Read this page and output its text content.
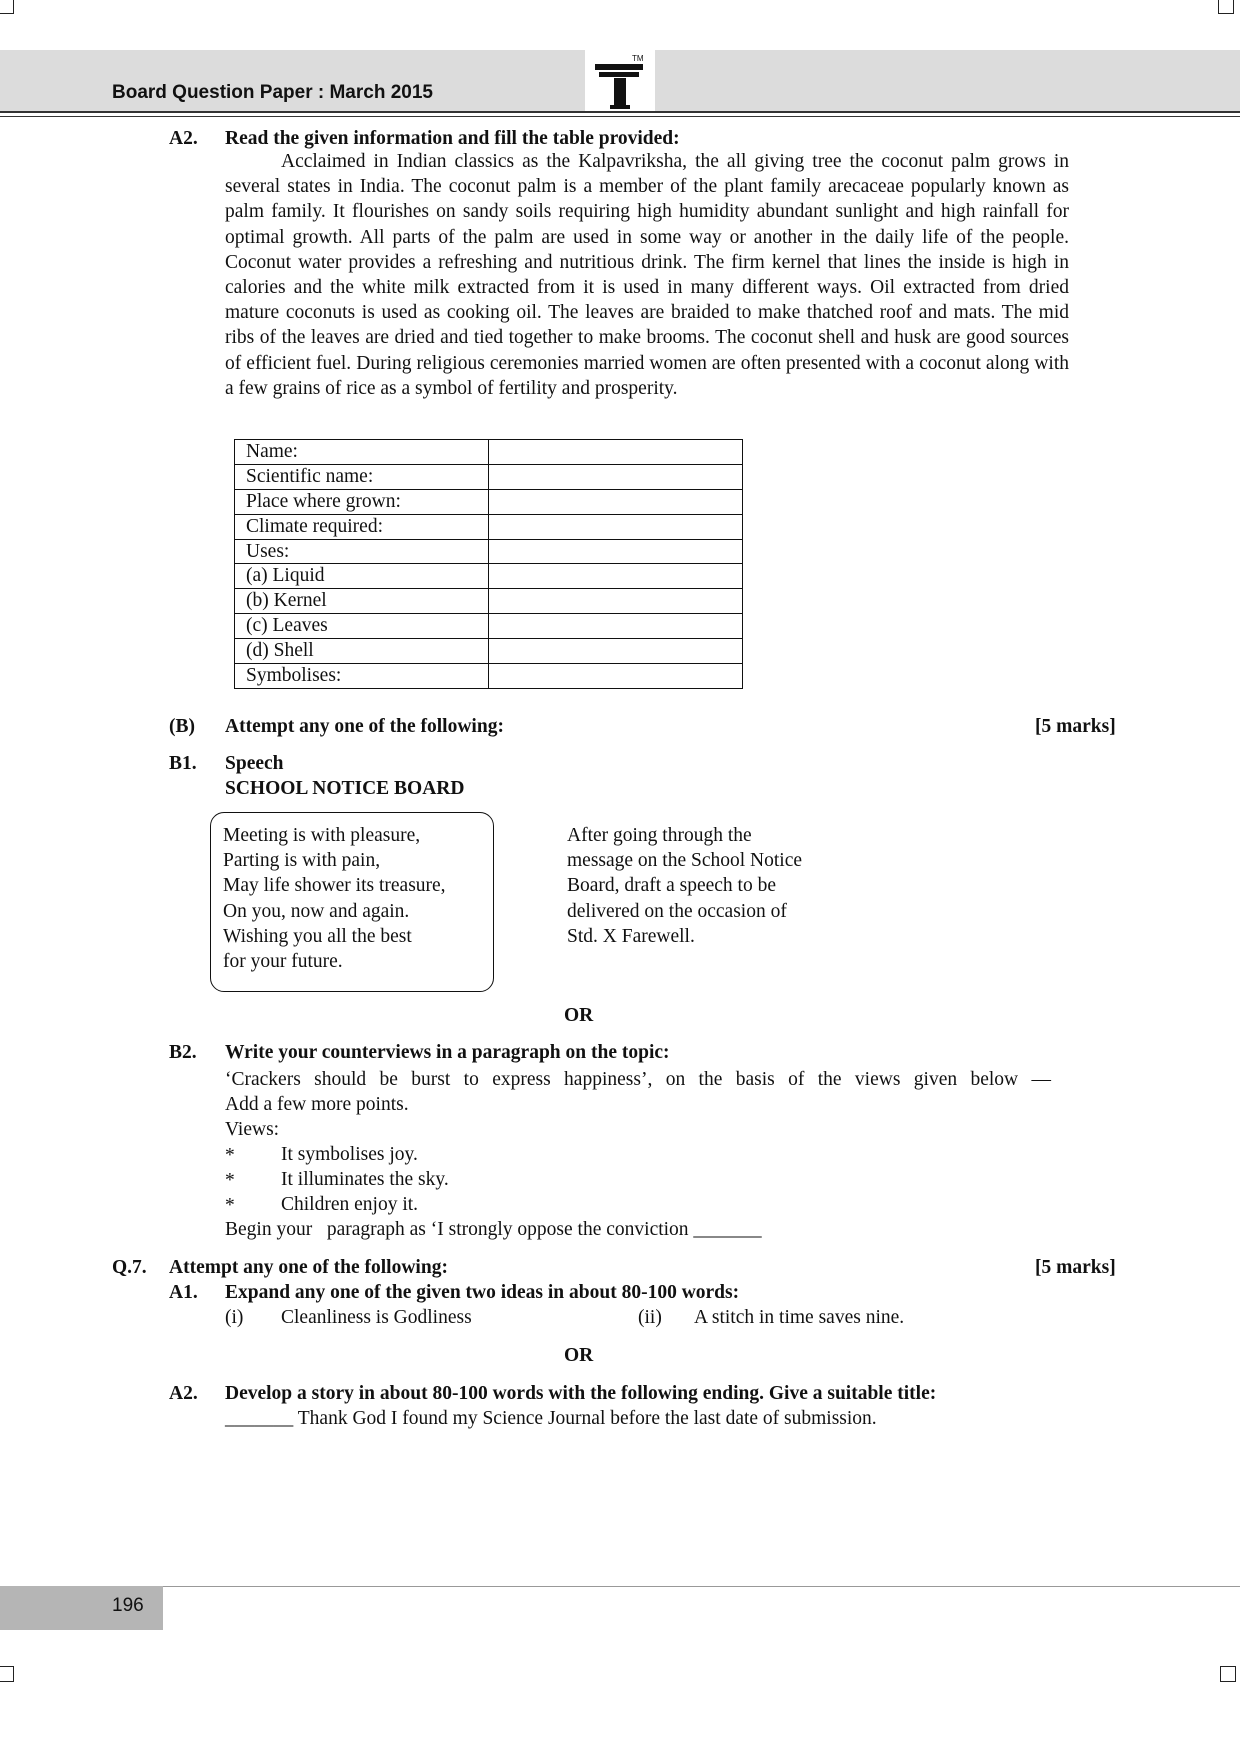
Board Question Paper : March 2015
TM
A2. Read the given information and fill the table provided:
Acclaimed in Indian classics as the Kalpavriksha, the all giving tree the coconut palm grows in several states in India. The coconut palm is a member of the plant family arecaceae popularly known as palm family. It flourishes on sandy soils requiring high humidity abundant sunlight and high rainfall for optimal growth. All parts of the palm are used in some way or another in the daily life of the people. Coconut water provides a refreshing and nutritious drink. The firm kernel that lines the inside is high in calories and the white milk extracted from it is used in many different ways. Oil extracted from dried mature coconuts is used as cooking oil. The leaves are braided to make thatched roof and mats. The mid ribs of the leaves are dried and tied together to make brooms. The coconut shell and husk are good sources of efficient fuel. During religious ceremonies married women are often presented with a coconut along with a few grains of rice as a symbol of fertility and prosperity.
Name:	
Scientific name:	
Place where grown:	
Climate required:	
Uses:	
(a) Liquid	
(b) Kernel	
(c) Leaves	
(d) Shell	
Symbolises:	
(B) Attempt any one of the following:	[5 marks]
B1. Speech
SCHOOL NOTICE BOARD
Meeting is with pleasure,
Parting is with pain,
May life shower its treasure,
On you, now and again.
Wishing you all the best
for your future.
After going through the
message on the School Notice
Board, draft a speech to be
delivered on the occasion of
Std. X Farewell.
OR
B2. Write your counterviews in a paragraph on the topic:
‘Crackers should be burst to express happiness’, on the basis of the views given below —
Add a few more points.
Views:
* It symbolises joy.
* It illuminates the sky.
* Children enjoy it.
Begin your   paragraph as ‘I strongly oppose the conviction _______
Q.7. Attempt any one of the following:	[5 marks]
A1. Expand any one of the given two ideas in about 80-100 words:
(i) Cleanliness is Godliness	(ii) A stitch in time saves nine.
OR
A2. Develop a story in about 80-100 words with the following ending. Give a suitable title:
_______ Thank God I found my Science Journal before the last date of submission.
196
